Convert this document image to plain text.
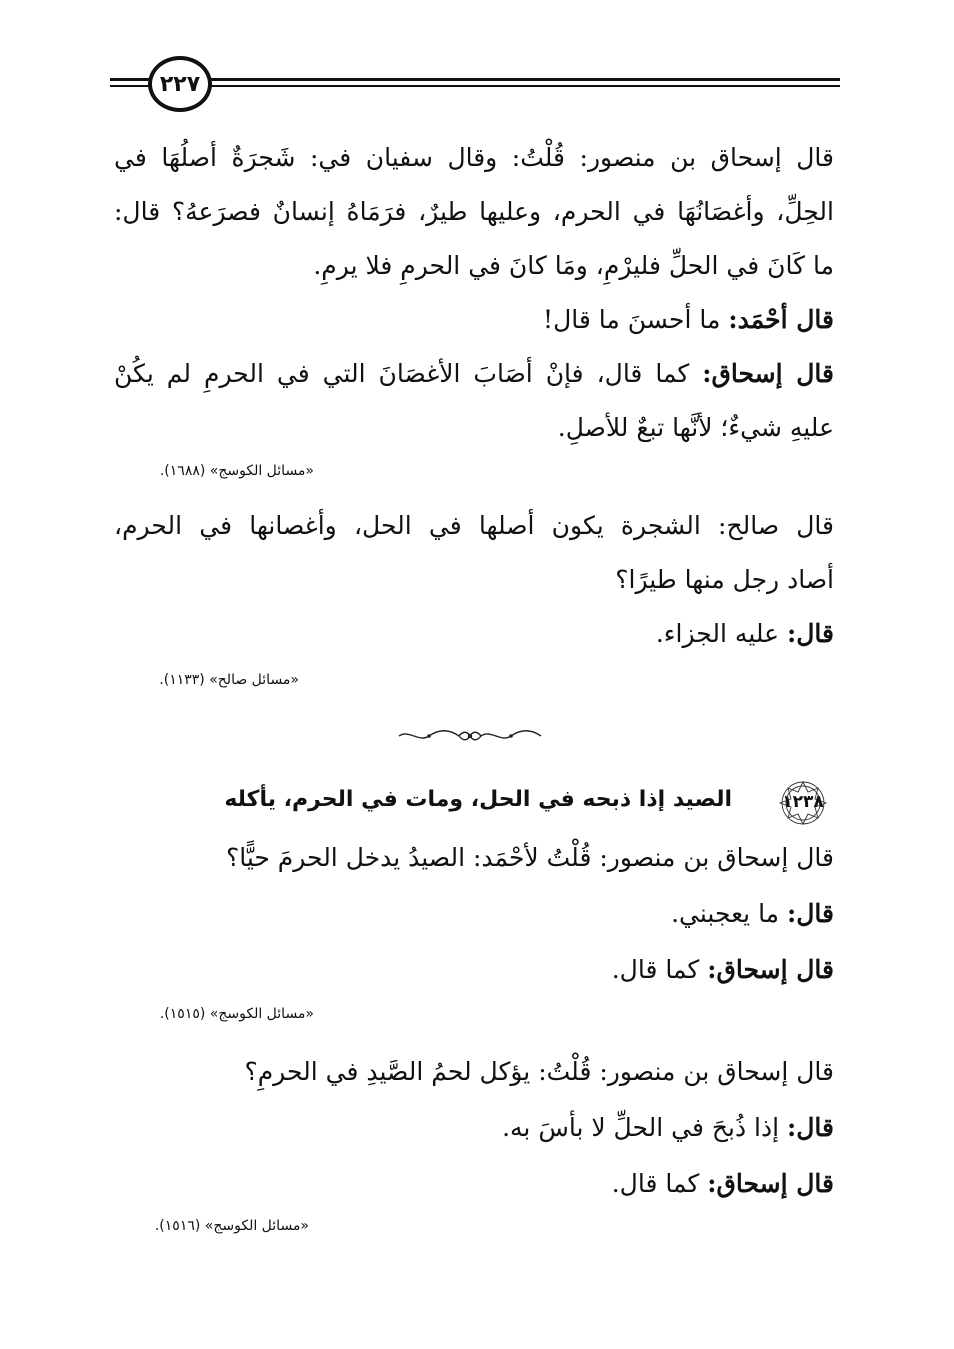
٢٢٧
قال إسحاق بن منصور: قُلْتُ: وقال سفيان في: شَجرَةٌ أصلُهَا في
الحِلِّ، وأغصَانُهَا في الحرم، وعليها طيرٌ، فرَمَاهُ إنسانٌ فصرَعهُ؟ قال:
ما كَانَ في الحلِّ فليرْمِ، ومَا كانَ في الحرمِ فلا يرمِ.
قال أحْمَد: ما أحسنَ ما قال!
قال إسحاق: كما قال، فإنْ أصَابَ الأغصَانَ التي في الحرمِ لم يكُنْ
عليهِ شيءٌ؛ لأنَّها تبعٌ للأصلِ.
«مسائل الكوسج» (١٦٨٨).
قال صالح: الشجرة يكون أصلها في الحل، وأغصانها في الحرم،
أصاد رجل منها طيرًا؟
قال: عليه الجزاء.
«مسائل صالح» (١١٣٣).
١٢٣٨
الصيد إذا ذبحه في الحل، ومات في الحرم، يأكله
قال إسحاق بن منصور: قُلْتُ لأحْمَد: الصيدُ يدخل الحرمَ حيًّا؟
قال: ما يعجبني.
قال إسحاق: كما قال.
«مسائل الكوسج» (١٥١٥).
قال إسحاق بن منصور: قُلْتُ: يؤكل لحمُ الصَّيدِ في الحرمِ؟
قال: إذا ذُبحَ في الحلِّ لا بأسَ به.
قال إسحاق: كما قال.
«مسائل الكوسج» (١٥١٦).
